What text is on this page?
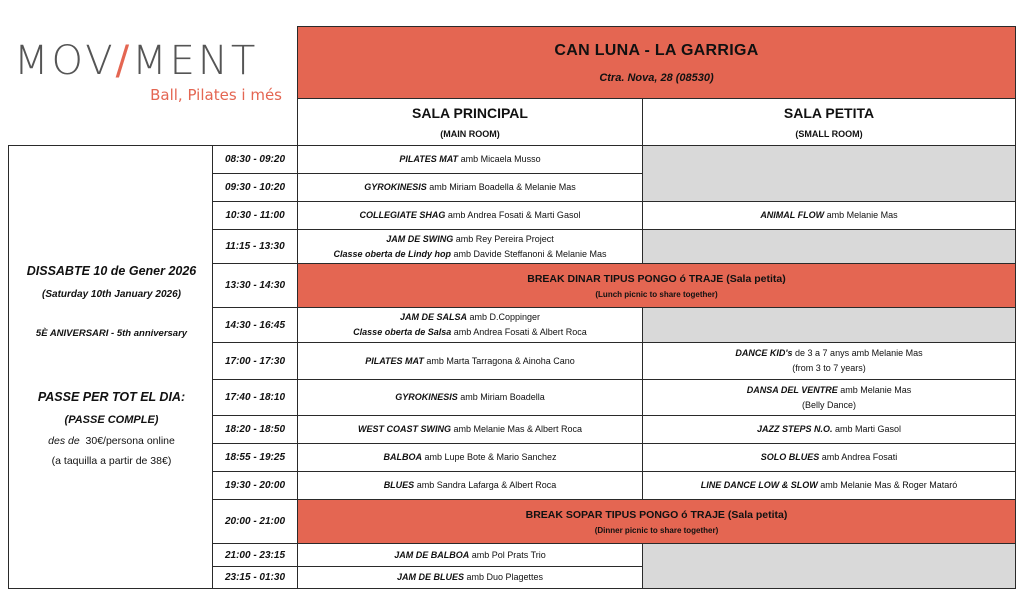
MOV/MENT
Ball, Pilates i més
CAN LUNA - LA GARRIGA
Ctra. Nova, 28 (08530)
SALA PRINCIPAL
(MAIN ROOM)
SALA PETITA
(SMALL ROOM)
DISSABTE 10 de Gener 2026
(Saturday 10th January 2026)
5È ANIVERSARI - 5th anniversary
PASSE PER TOT EL DIA:
(PASSE COMPLE)
des de 30€/persona online
(a taquilla a partir de 38€)
08:30 - 09:20
09:30 - 10:20
10:30 - 11:00
11:15 - 13:30
13:30 - 14:30
14:30 - 16:45
17:00 - 17:30
17:40 - 18:10
18:20 - 18:50
18:55 - 19:25
19:30 - 20:00
20:00 - 21:00
21:00 - 23:15
23:15 - 01:30
PILATES MAT amb Micaela Musso
GYROKINESIS amb Miriam Boadella & Melanie Mas
COLLEGIATE SHAG amb Andrea Fosati & Marti Gasol
JAM DE SWING amb Rey Pereira Project
Classe oberta de Lindy hop amb Davide Steffanoni & Melanie Mas
JAM DE SALSA amb D.Coppinger
Classe oberta de Salsa amb Andrea Fosati & Albert Roca
PILATES MAT amb Marta Tarragona & Ainoha Cano
GYROKINESIS amb Miriam Boadella
WEST COAST SWING amb Melanie Mas & Albert Roca
BALBOA amb Lupe Bote & Mario Sanchez
BLUES amb Sandra Lafarga & Albert Roca
JAM DE BALBOA amb Pol Prats Trio
JAM DE BLUES amb Duo Plagettes
BREAK DINAR TIPUS PONGO ó TRAJE (Sala petita)
(Lunch picnic to share together)
BREAK SOPAR TIPUS PONGO ó TRAJE (Sala petita)
(Dinner picnic to share together)
ANIMAL FLOW amb Melanie Mas
DANCE KID's de 3 a 7 anys amb Melanie Mas
(from 3 to 7 years)
DANSA DEL VENTRE amb Melanie Mas
(Belly Dance)
JAZZ STEPS N.O. amb Marti Gasol
SOLO BLUES amb Andrea Fosati
LINE DANCE LOW & SLOW amb Melanie Mas & Roger Mataró
